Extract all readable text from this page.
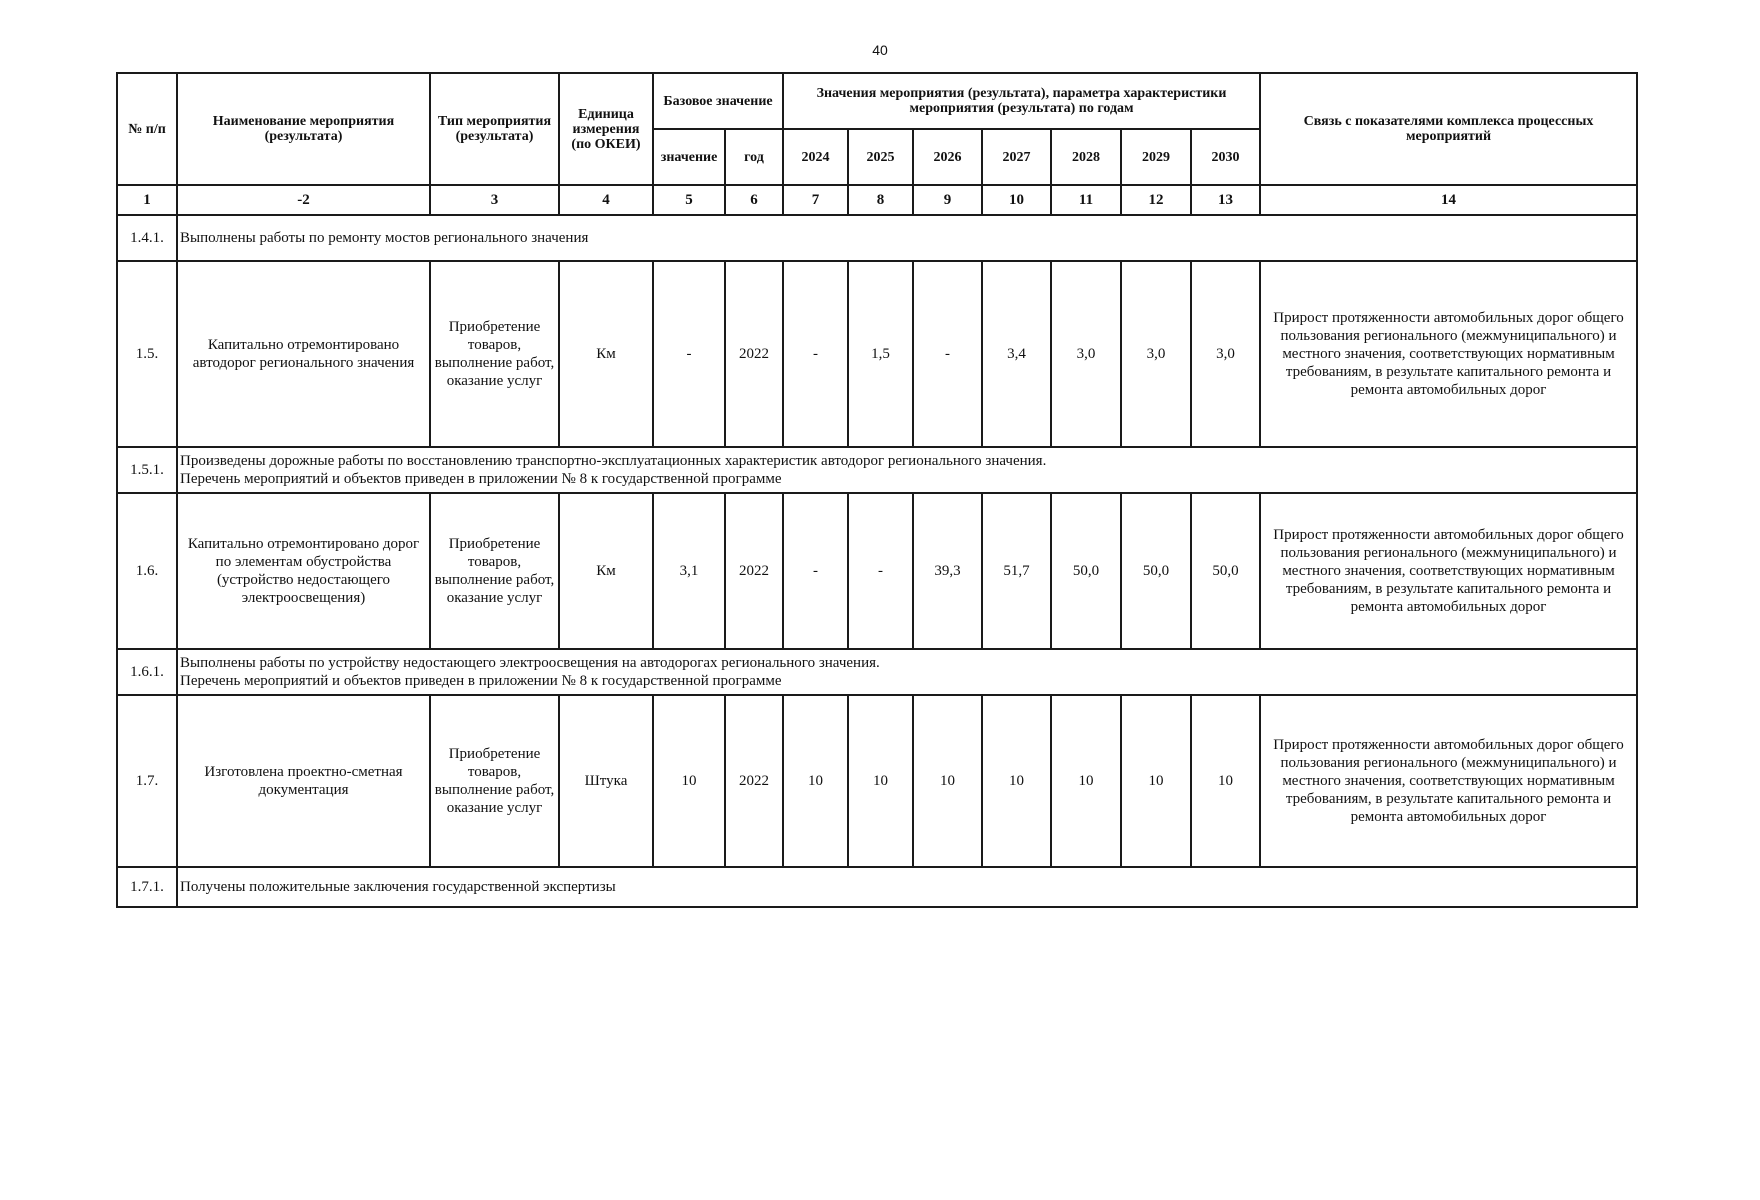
40
№ п/п	Наименование мероприятия (результата)	Тип мероприятия (результата)	Единица измерения (по ОКЕИ)	Базовое значение		Значения мероприятия (результата), параметра характеристики мероприятия (результата) по годам							Связь с показателями комплекса процессных мероприятий
				значение	год	2024	2025	2026	2027	2028	2029	2030	
1	-2	3	4	5	6	7	8	9	10	11	12	13	14
1.4.1.	Выполнены работы по ремонту мостов регионального значения												

1.5.	Капитально отремонтировано автодорог регионального значения	Приобретение товаров, выполнение работ, оказание услуг	Км	-	2022	-	1,5	-	3,4	3,0	3,0	3,0	Прирост протяженности автомобильных дорог общего пользования регионального (межмуниципального) и местного значения, соответствующих нормативным требованиям, в результате капитального ремонта и ремонта автомобильных дорог
1.5.1.	Произведены дорожные работы по восстановлению транспортно-эксплуатационных характеристик автодорог регионального значения.
Перечень мероприятий и объектов приведен в приложении № 8 к государственной программе												

1.6.	Капитально отремонтировано дорог по элементам обустройства (устройство недостающего электроосвещения)	Приобретение товаров, выполнение работ, оказание услуг	Км	3,1	2022	-	-	39,3	51,7	50,0	50,0	50,0	Прирост протяженности автомобильных дорог общего пользования регионального (межмуниципального) и местного значения, соответствующих нормативным требованиям, в результате капитального ремонта и ремонта автомобильных дорог
1.6.1.	Выполнены работы по устройству недостающего электроосвещения на автодорогах регионального значения.
Перечень мероприятий и объектов приведен в приложении № 8 к государственной программе												

1.7.	Изготовлена проектно-сметная документация	Приобретение товаров, выполнение работ, оказание услуг	Штука	10	2022	10	10	10	10	10	10	10	Прирост протяженности автомобильных дорог общего пользования регионального (межмуниципального) и местного значения, соответствующих нормативным требованиям, в результате капитального ремонта и ремонта автомобильных дорог
1.7.1.	Получены положительные заключения государственной экспертизы												
